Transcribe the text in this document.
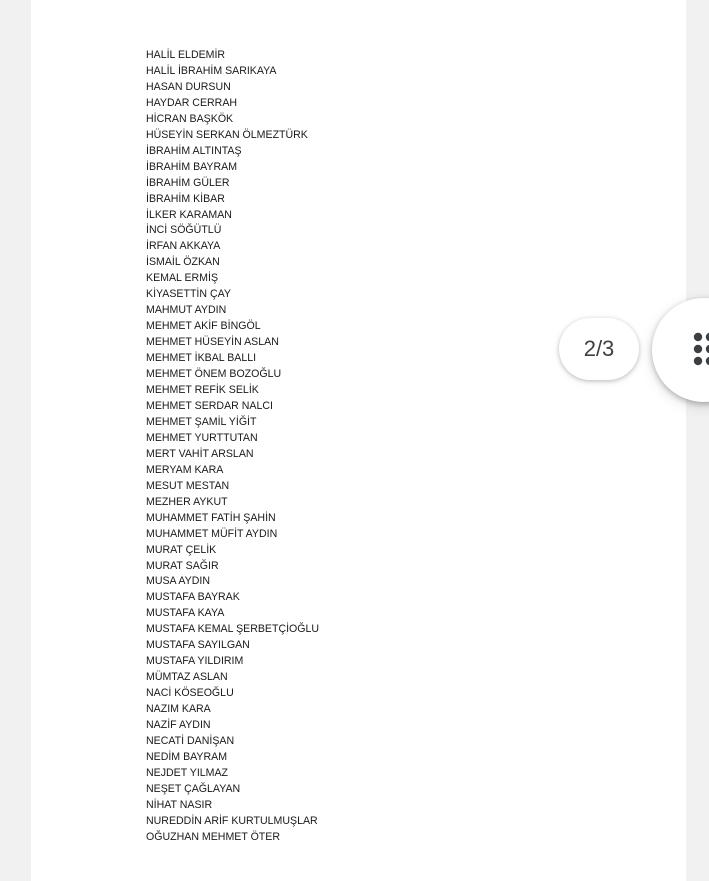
HALİL ELDEMİR
HALİL İBRAHİM SARIKAYA
HASAN DURSUN
HAYDAR CERRAH
HİCRAN BAŞKÖK
HÜSEYİN SERKAN ÖLMEZTÜRK
İBRAHİM ALTINTAŞ
İBRAHİM BAYRAM
İBRAHİM GÜLER
İBRAHİM KİBAR
İLKER KARAMAN
İNCİ SÖĞÜTLÜ
İRFAN AKKAYA
İSMAİL ÖZKAN
KEMAL ERMİŞ
KİYASETTİN ÇAY
MAHMUT AYDIN
MEHMET AKİF BİNGÖL
MEHMET HÜSEYİN ASLAN
MEHMET İKBAL BALLI
MEHMET ÖNEM BOZOĞLU
MEHMET REFİK SELİK
MEHMET SERDAR NALCI
MEHMET ŞAMİL YİĞİT
MEHMET YURTTUTAN
MERT VAHİT ARSLAN
MERYAM KARA
MESUT MESTAN
MEZHER AYKUT
MUHAMMET FATİH ŞAHİN
MUHAMMET MÜFİT AYDIN
MURAT ÇELİK
MURAT SAĞIR
MUSA AYDIN
MUSTAFA BAYRAK
MUSTAFA KAYA
MUSTAFA KEMAL ŞERBETÇİOĞLU
MUSTAFA SAYILGAN
MUSTAFA YILDIRIM
MÜMTAZ ASLAN
NACİ KÖSEOĞLU
NAZIM KARA
NAZİF AYDIN
NECATİ DANİŞAN
NEDİM BAYRAM
NEJDET YILMAZ
NEŞET ÇAĞLAYAN
NİHAT NASIR
NUREDDİN ARİF KURTULMUŞLAR
OĞUZHAN MEHMET ÖTER
2/3
